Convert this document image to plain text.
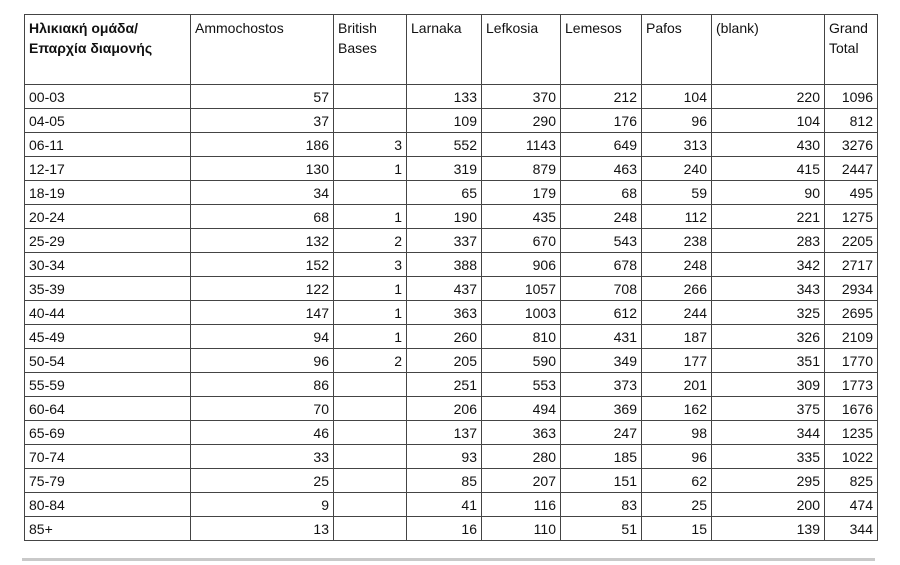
Ηλικιακή ομάδα/Επαρχία διαμονής	Ammochostos	British Bases	Larnaka	Lefkosia	Lemesos	Pafos	(blank)	Grand Total
00-03	57		133	370	212	104	220	1096
04-05	37		109	290	176	96	104	812
06-11	186	3	552	1143	649	313	430	3276
12-17	130	1	319	879	463	240	415	2447
18-19	34		65	179	68	59	90	495
20-24	68	1	190	435	248	112	221	1275
25-29	132	2	337	670	543	238	283	2205
30-34	152	3	388	906	678	248	342	2717
35-39	122	1	437	1057	708	266	343	2934
40-44	147	1	363	1003	612	244	325	2695
45-49	94	1	260	810	431	187	326	2109
50-54	96	2	205	590	349	177	351	1770
55-59	86		251	553	373	201	309	1773
60-64	70		206	494	369	162	375	1676
65-69	46		137	363	247	98	344	1235
70-74	33		93	280	185	96	335	1022
75-79	25		85	207	151	62	295	825
80-84	9		41	116	83	25	200	474
85+	13		16	110	51	15	139	344
